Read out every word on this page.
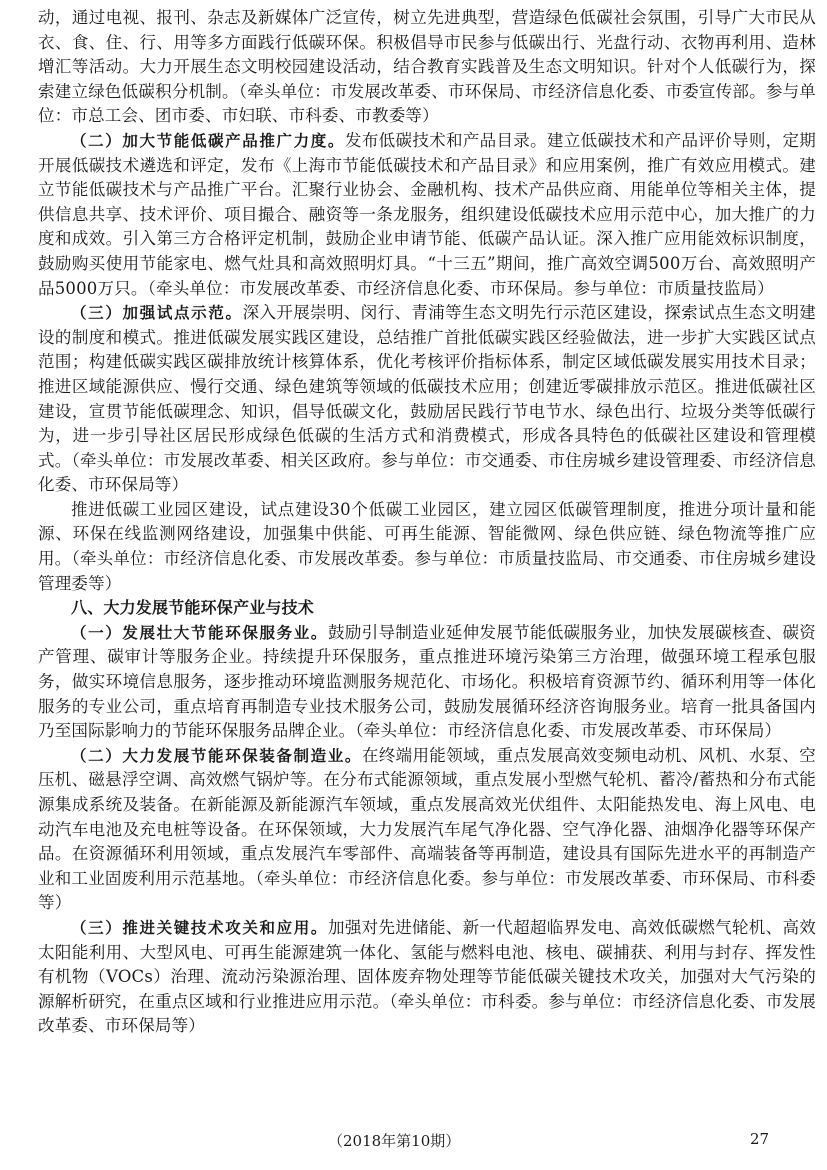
动，通过电视、报刊、杂志及新媒体广泛宣传，树立先进典型，营造绿色低碳社会氛围，引导广大市民从衣、食、住、行、用等多方面践行低碳环保。积极倡导市民参与低碳出行、光盘行动、衣物再利用、造林增汇等活动。大力开展生态文明校园建设活动，结合教育实践普及生态文明知识。针对个人低碳行为，探索建立绿色低碳积分机制。（牵头单位：市发展改革委、市环保局、市经济信息化委、市委宣传部。参与单位：市总工会、团市委、市妇联、市科委、市教委等）

（二）加大节能低碳产品推广力度。发布低碳技术和产品目录。建立低碳技术和产品评价导则，定期开展低碳技术遴选和评定，发布《上海市节能低碳技术和产品目录》和应用案例，推广有效应用模式。建立节能低碳技术与产品推广平台。汇聚行业协会、金融机构、技术产品供应商、用能单位等相关主体，提供信息共享、技术评价、项目撮合、融资等一条龙服务，组织建设低碳技术应用示范中心，加大推广的力度和成效。引入第三方合格评定机制，鼓励企业申请节能、低碳产品认证。深入推广应用能效标识制度，鼓励购买使用节能家电、燃气灶具和高效照明灯具。“十三五”期间，推广高效空调500万台、高效照明产品5000万只。（牵头单位：市发展改革委、市经济信息化委、市环保局。参与单位：市质量技监局）

（三）加强试点示范。深入开展崇明、闵行、青浦等生态文明先行示范区建设，探索试点生态文明建设的制度和模式。推进低碳发展实践区建设，总结推广首批低碳实践区经验做法，进一步扩大实践区试点范围；构建低碳实践区碳排放统计核算体系，优化考核评价指标体系，制定区域低碳发展实用技术目录；推进区域能源供应、慢行交通、绿色建筑等领域的低碳技术应用；创建近零碳排放示范区。推进低碳社区建设，宣贯节能低碳理念、知识，倡导低碳文化，鼓励居民践行节电节水、绿色出行、垃圾分类等低碳行为，进一步引导社区居民形成绿色低碳的生活方式和消费模式，形成各具特色的低碳社区建设和管理模式。（牵头单位：市发展改革委、相关区政府。参与单位：市交通委、市住房城乡建设管理委、市经济信息化委、市环保局等）

推进低碳工业园区建设，试点建设30个低碳工业园区，建立园区低碳管理制度，推进分项计量和能源、环保在线监测网络建设，加强集中供能、可再生能源、智能微网、绿色供应链、绿色物流等推广应用。（牵头单位：市经济信息化委、市发展改革委。参与单位：市质量技监局、市交通委、市住房城乡建设管理委等）

八、大力发展节能环保产业与技术

（一）发展壮大节能环保服务业。鼓励引导制造业延伸发展节能低碳服务业，加快发展碳核查、碳资产管理、碳审计等服务企业。持续提升环保服务，重点推进环境污染第三方治理，做强环境工程承包服务，做实环境信息服务，逐步推动环境监测服务规范化、市场化。积极培育资源节约、循环利用等一体化服务的专业公司，重点培育再制造专业技术服务公司，鼓励发展循环经济咨询服务业。培育一批具备国内乃至国际影响力的节能环保服务品牌企业。（牵头单位：市经济信息化委、市发展改革委、市环保局）

（二）大力发展节能环保装备制造业。在终端用能领域，重点发展高效变频电动机、风机、水泵、空压机、磁悬浮空调、高效燃气锅炉等。在分布式能源领域，重点发展小型燃气轮机、蓄冷/蓄热和分布式能源集成系统及装备。在新能源及新能源汽车领域，重点发展高效光伏组件、太阳能热发电、海上风电、电动汽车电池及充电桩等设备。在环保领域，大力发展汽车尾气净化器、空气净化器、油烟净化器等环保产品。在资源循环利用领域，重点发展汽车零部件、高端装备等再制造，建设具有国际先进水平的再制造产业和工业固废利用示范基地。（牵头单位：市经济信息化委。参与单位：市发展改革委、市环保局、市科委等）

（三）推进关键技术攻关和应用。加强对先进储能、新一代超超临界发电、高效低碳燃气轮机、高效太阳能利用、大型风电、可再生能源建筑一体化、氢能与燃料电池、核电、碳捕获、利用与封存、挥发性有机物（VOCs）治理、流动污染源治理、固体废弃物处理等节能低碳关键技术攻关，加强对大气污染的源解析研究，在重点区域和行业推进应用示范。（牵头单位：市科委。参与单位：市经济信息化委、市发展改革委、市环保局等）

（2018年第10期）	27
